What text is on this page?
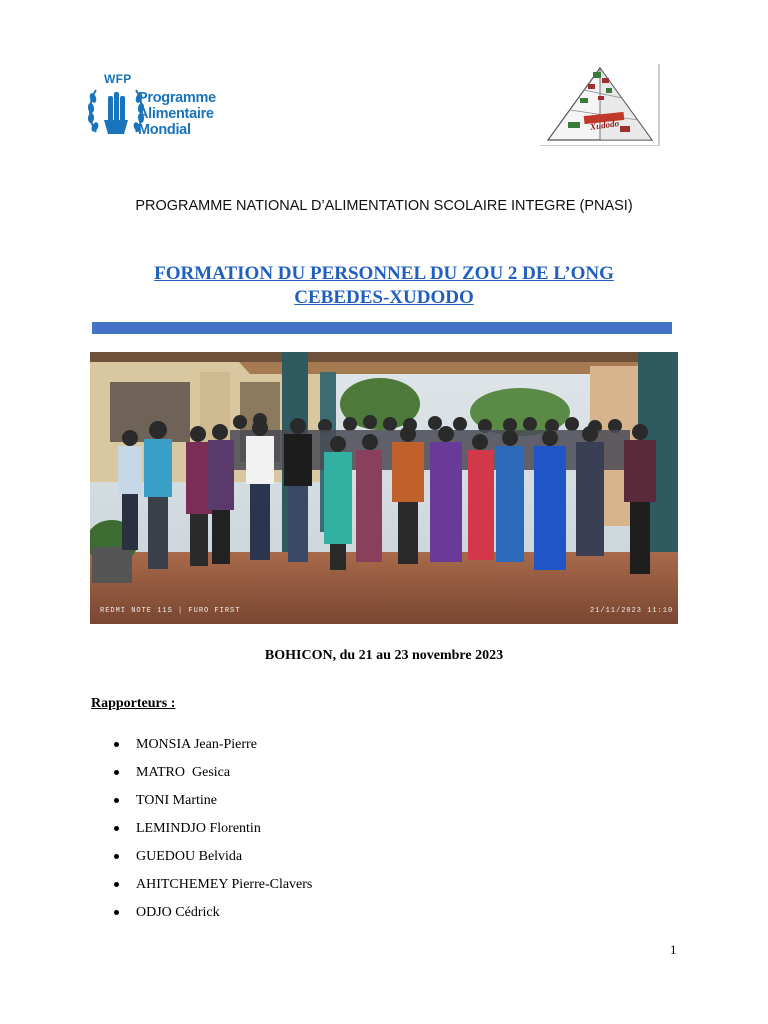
WFP
Programme
Alimentaire
Mondial	Xudodo
PROGRAMME NATIONAL D’ALIMENTATION SCOLAIRE INTEGRE (PNASI)
FORMATION DU PERSONNEL DU ZOU 2 DE L’ONG
CEBEDES-XUDODO
REDMI NOTE 11S | FURO FIRST	21/11/2023 11:10
BOHICON, du 21 au 23 novembre 2023
Rapporteurs :
MONSIA Jean-Pierre
MATRO  Gesica
TONI Martine
LEMINDJO Florentin
GUEDOU Belvida
AHITCHEMEY Pierre-Clavers
ODJO Cédrick
1
